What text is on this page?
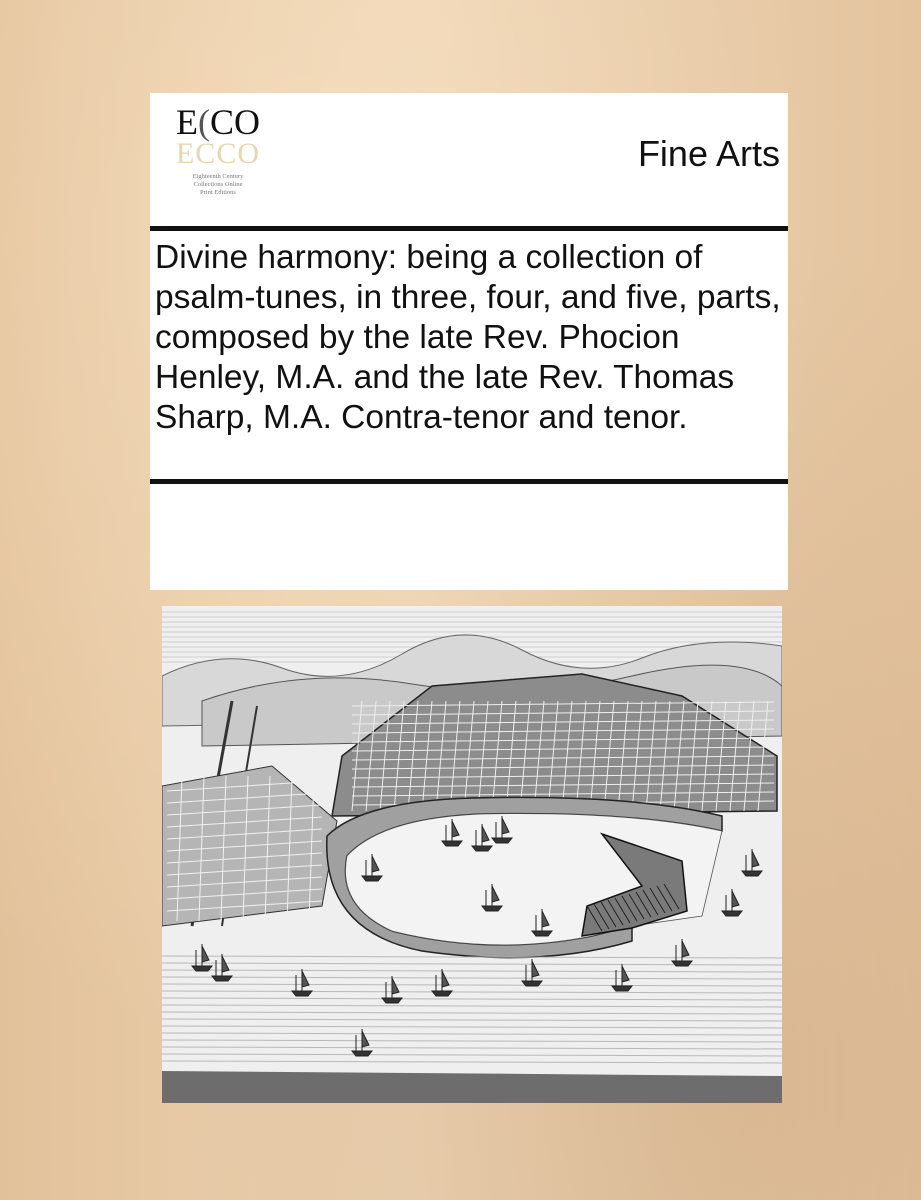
E(CO
ECCO
Eighteenth Century
Collections Online
Print Editions
Fine Arts
Divine harmony: being a collection of psalm-tunes, in three, four, and five, parts, composed by the late Rev. Phocion Henley, M.A. and the late Rev. Thomas Sharp, M.A. Contra-tenor and tenor.
